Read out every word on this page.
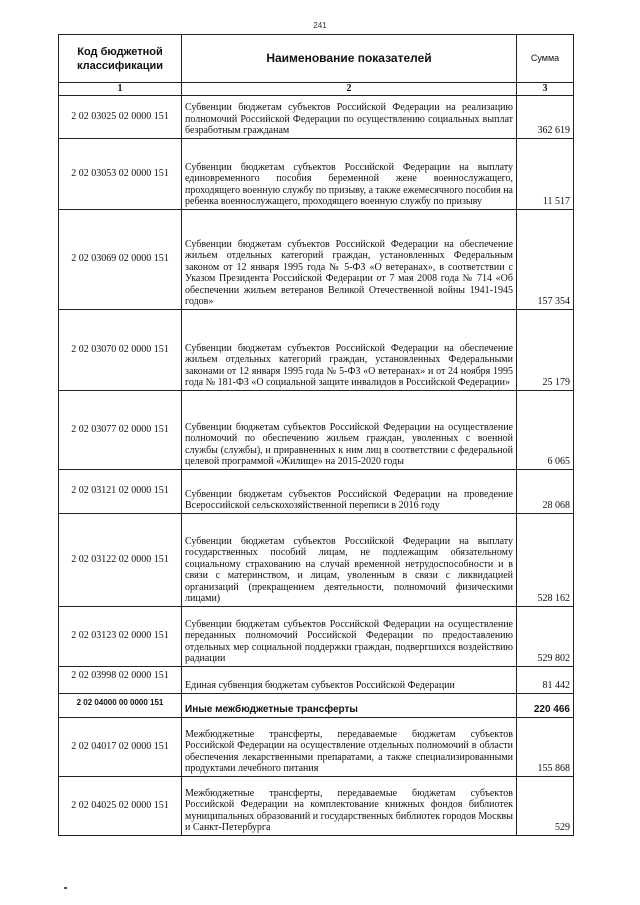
241
Код бюджетной классификации	Наименование показателей	Сумма
1	2	3
2 02 03025 02 0000 151	Субвенции бюджетам субъектов Российской Федерации на реализацию полномочий Российской Федерации по осуществлению социальных выплат безработным гражданам	362 619
2 02 03053 02 0000 151	Субвенции бюджетам субъектов Российской Федерации на выплату единовременного пособия беременной жене военнослужащего, проходящего военную службу по призыву, а также ежемесячного пособия на ребенка военнослужащего, проходящего военную службу по призыву	11 517
2 02 03069 02 0000 151	Субвенции бюджетам субъектов Российской Федерации на обеспечение жильем отдельных категорий граждан, установленных Федеральным законом от 12 января 1995 года № 5-ФЗ «О ветеранах», в соответствии с Указом Президента Российской Федерации от 7 мая 2008 года № 714 «Об обеспечении жильем ветеранов Великой Отечественной войны 1941-1945 годов»	157 354
2 02 03070 02 0000 151	Субвенции бюджетам субъектов Российской Федерации на обеспечение жильем отдельных категорий граждан, установленных Федеральными законами от 12 января 1995 года № 5-ФЗ «О ветеранах» и от 24 ноября 1995 года № 181-ФЗ «О социальной защите инвалидов в Российской Федерации»	25 179
2 02 03077 02 0000 151	Субвенции бюджетам субъектов Российской Федерации на осуществление полномочий по обеспечению жильем граждан, уволенных с военной службы (службы), и приравненных к ним лиц в соответствии с федеральной целевой программой «Жилище» на 2015-2020 годы	6 065
2 02 03121 02 0000 151	Субвенции бюджетам субъектов Российской Федерации на проведение Всероссийской сельскохозяйственной переписи в 2016 году	28 068
2 02 03122 02 0000 151	Субвенции бюджетам субъектов Российской Федерации на выплату государственных пособий лицам, не подлежащим обязательному социальному страхованию на случай временной нетрудоспособности и в связи с материнством, и лицам, уволенным в связи с ликвидацией организаций (прекращением деятельности, полномочий физическими лицами)	528 162
2 02 03123 02 0000 151	Субвенции бюджетам субъектов Российской Федерации на осуществление переданных полномочий Российской Федерации по предоставлению отдельных мер социальной поддержки граждан, подвергшихся воздействию радиации	529 802
2 02 03998 02 0000 151	Единая субвенция бюджетам субъектов Российской Федерации	81 442
2 02 04000 00 0000 151	Иные межбюджетные трансферты	220 466
2 02 04017 02 0000 151	Межбюджетные трансферты, передаваемые бюджетам субъектов Российской Федерации на осуществление отдельных полномочий в области обеспечения лекарственными препаратами, а также специализированными продуктами лечебного питания	155 868
2 02 04025 02 0000 151	Межбюджетные трансферты, передаваемые бюджетам субъектов Российской Федерации на комплектование книжных фондов библиотек муниципальных образований и государственных библиотек городов Москвы и Санкт-Петербурга	529
